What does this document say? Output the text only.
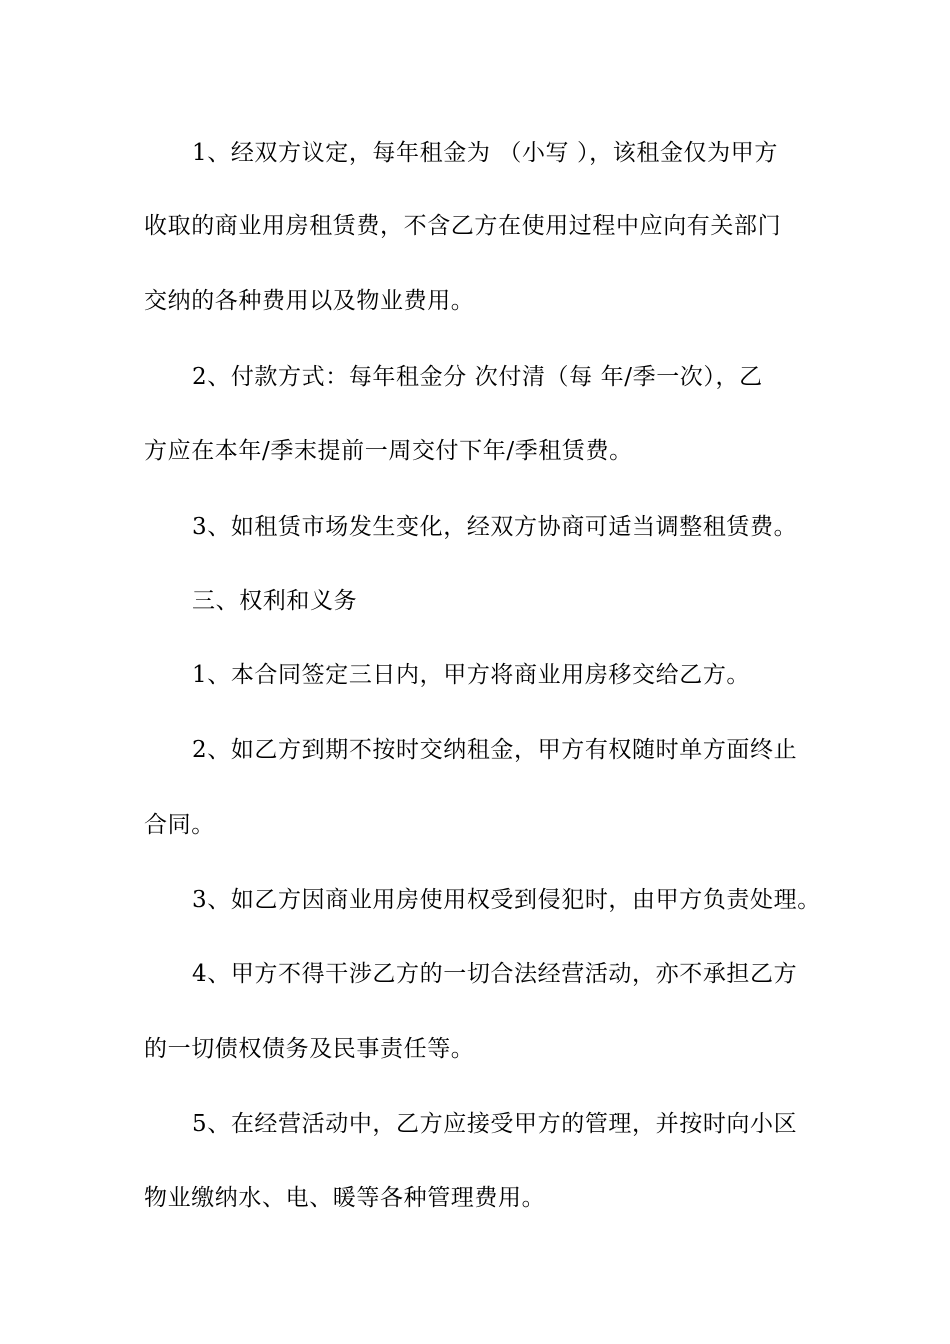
1、经双方议定，每年租金为 （小写 ），该租金仅为甲方
收取的商业用房租赁费，不含乙方在使用过程中应向有关部门
交纳的各种费用以及物业费用。
2、付款方式：每年租金分 次付清（每 年/季一次），乙
方应在本年/季末提前一周交付下年/季租赁费。
3、如租赁市场发生变化，经双方协商可适当调整租赁费。
三、权利和义务
1、本合同签定三日内，甲方将商业用房移交给乙方。
2、如乙方到期不按时交纳租金，甲方有权随时单方面终止
合同。
3、如乙方因商业用房使用权受到侵犯时，由甲方负责处理。
4、甲方不得干涉乙方的一切合法经营活动，亦不承担乙方
的一切债权债务及民事责任等。
5、在经营活动中，乙方应接受甲方的管理，并按时向小区
物业缴纳水、电、暖等各种管理费用。
